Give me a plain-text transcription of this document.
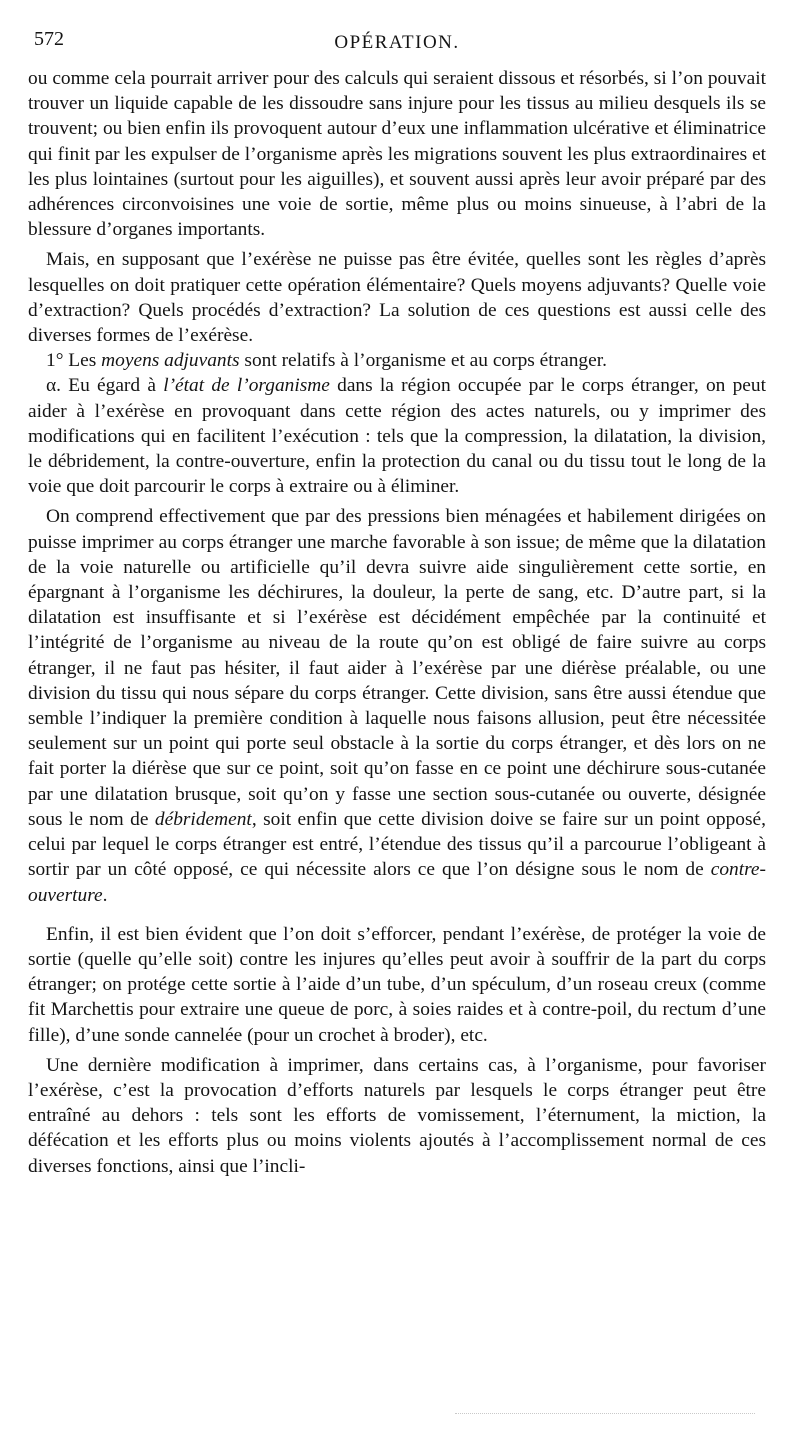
572	OPÉRATION.

ou comme cela pourrait arriver pour des calculs qui seraient dissous et résorbés, si l’on pouvait trouver un liquide capable de les dissoudre sans injure pour les tissus au milieu desquels ils se trouvent; ou bien enfin ils provoquent autour d’eux une inflammation ulcérative et éliminatrice qui finit par les expulser de l’organisme après les migrations souvent les plus extraordinaires et les plus lointaines (surtout pour les aiguilles), et souvent aussi après leur avoir préparé par des adhérences circonvoisines une voie de sortie, même plus ou moins sinueuse, à l’abri de la blessure d’organes importants.

Mais, en supposant que l’exérèse ne puisse pas être évitée, quelles sont les règles d’après lesquelles on doit pratiquer cette opération élémentaire? Quels moyens adjuvants? Quelle voie d’extraction? Quels procédés d’extraction? La solution de ces questions est aussi celle des diverses formes de l’exérèse.

1° Les moyens adjuvants sont relatifs à l’organisme et au corps étranger.

α. Eu égard à l’état de l’organisme dans la région occupée par le corps étranger, on peut aider à l’exérèse en provoquant dans cette région des actes naturels, ou y imprimer des modifications qui en facilitent l’exécution : tels que la compression, la dilatation, la division, le débridement, la contre-ouverture, enfin la protection du canal ou du tissu tout le long de la voie que doit parcourir le corps à extraire ou à éliminer.

On comprend effectivement que par des pressions bien ménagées et habilement dirigées on puisse imprimer au corps étranger une marche favorable à son issue; de même que la dilatation de la voie naturelle ou artificielle qu’il devra suivre aide singulièrement cette sortie, en épargnant à l’organisme les déchirures, la douleur, la perte de sang, etc. D’autre part, si la dilatation est insuffisante et si l’exérèse est décidément empêchée par la continuité et l’intégrité de l’organisme au niveau de la route qu’on est obligé de faire suivre au corps étranger, il ne faut pas hésiter, il faut aider à l’exérèse par une diérèse préalable, ou une division du tissu qui nous sépare du corps étranger. Cette division, sans être aussi étendue que semble l’indiquer la première condition à laquelle nous faisons allusion, peut être nécessitée seulement sur un point qui porte seul obstacle à la sortie du corps étranger, et dès lors on ne fait porter la diérèse que sur ce point, soit qu’on fasse en ce point une déchirure sous-cutanée par une dilatation brusque, soit qu’on y fasse une section sous-cutanée ou ouverte, désignée sous le nom de débridement, soit enfin que cette division doive se faire sur un point opposé, celui par lequel le corps étranger est entré, l’étendue des tissus qu’il a parcourue l’obligeant à sortir par un côté opposé, ce qui nécessite alors ce que l’on désigne sous le nom de contre-ouverture.

Enfin, il est bien évident que l’on doit s’efforcer, pendant l’exérèse, de protéger la voie de sortie (quelle qu’elle soit) contre les injures qu’elles peut avoir à souffrir de la part du corps étranger; on protége cette sortie à l’aide d’un tube, d’un spéculum, d’un roseau creux (comme fit Marchettis pour extraire une queue de porc, à soies raides et à contre-poil, du rectum d’une fille), d’une sonde cannelée (pour un crochet à broder), etc.

Une dernière modification à imprimer, dans certains cas, à l’organisme, pour favoriser l’exérèse, c’est la provocation d’efforts naturels par lesquels le corps étranger peut être entraîné au dehors : tels sont les efforts de vomissement, l’éternument, la miction, la défécation et les efforts plus ou moins violents ajoutés à l’accomplissement normal de ces diverses fonctions, ainsi que l’incli-
